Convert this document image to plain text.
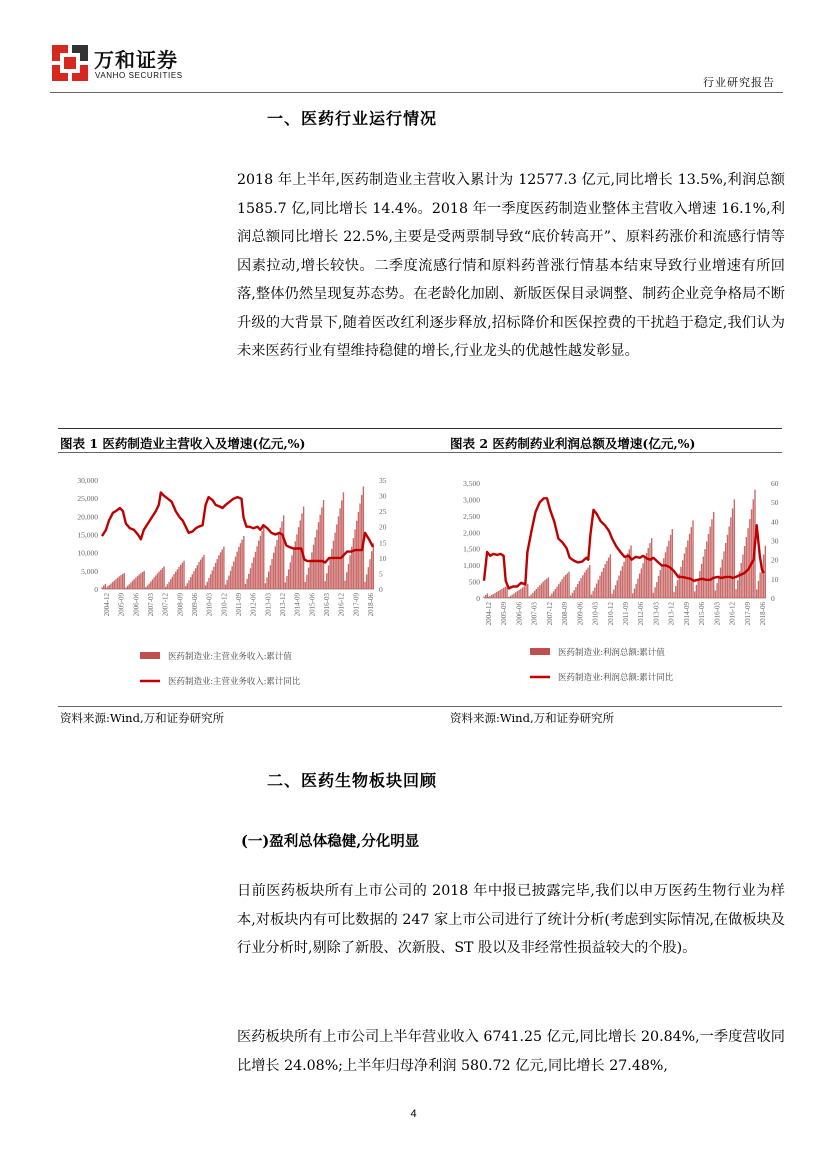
万和证券
VANHO SECURITIES
行业研究报告
一、医药行业运行情况
2018 年上半年,医药制造业主营收入累计为 12577.3 亿元,同比增长 13.5%,利润总额 1585.7 亿,同比增长 14.4%。2018 年一季度医药制造业整体主营收入增速 16.1%,利润总额同比增长 22.5%,主要是受两票制导致“底价转高开”、原料药涨价和流感行情等因素拉动,增长较快。二季度流感行情和原料药普涨行情基本结束导致行业增速有所回落,整体仍然呈现复苏态势。在老龄化加剧、新版医保目录调整、制药企业竞争格局不断升级的大背景下,随着医改红利逐步释放,招标降价和医保控费的干扰趋于稳定,我们认为未来医药行业有望维持稳健的增长,行业龙头的优越性越发彰显。
图表 1 医药制造业主营收入及增速(亿元,%)	图表 2 医药制药业利润总额及增速(亿元,%)
0
5,000
10,000
15,000
20,000
25,000
30,000
0
5
10
15
20
25
30
35
2004-12 2005-09 2006-06 2007-03 2007-12 2008-09 2009-06 2010-03 2010-12 2011-09 2012-06 2013-03 2013-12 2014-09 2015-06 2016-03 2016-12 2017-09 2018-06
医药制造业:主营业务收入:累计值
医药制造业:主营业务收入:累计同比
0
500
1,000
1,500
2,000
2,500
3,000
3,500
0
10
20
30
40
50
60
2004-12 2005-09 2006-06 2007-03 2007-12 2008-09 2009-06 2010-03 2010-12 2011-09 2012-06 2013-03 2013-12 2014-09 2015-06 2016-03 2016-12 2017-09 2018-06
医药制造业:利润总额:累计值
医药制造业:利润总额:累计同比
资料来源:Wind,万和证券研究所	资料来源:Wind,万和证券研究所
二、医药生物板块回顾
(一)盈利总体稳健,分化明显
日前医药板块所有上市公司的 2018 年中报已披露完毕,我们以申万医药生物行业为样本,对板块内有可比数据的 247 家上市公司进行了统计分析(考虑到实际情况,在做板块及行业分析时,剔除了新股、次新股、ST 股以及非经常性损益较大的个股)。
医药板块所有上市公司上半年营业收入 6741.25 亿元,同比增长 20.84%,一季度营收同比增长 24.08%;上半年归母净利润 580.72 亿元,同比增长 27.48%,
4
